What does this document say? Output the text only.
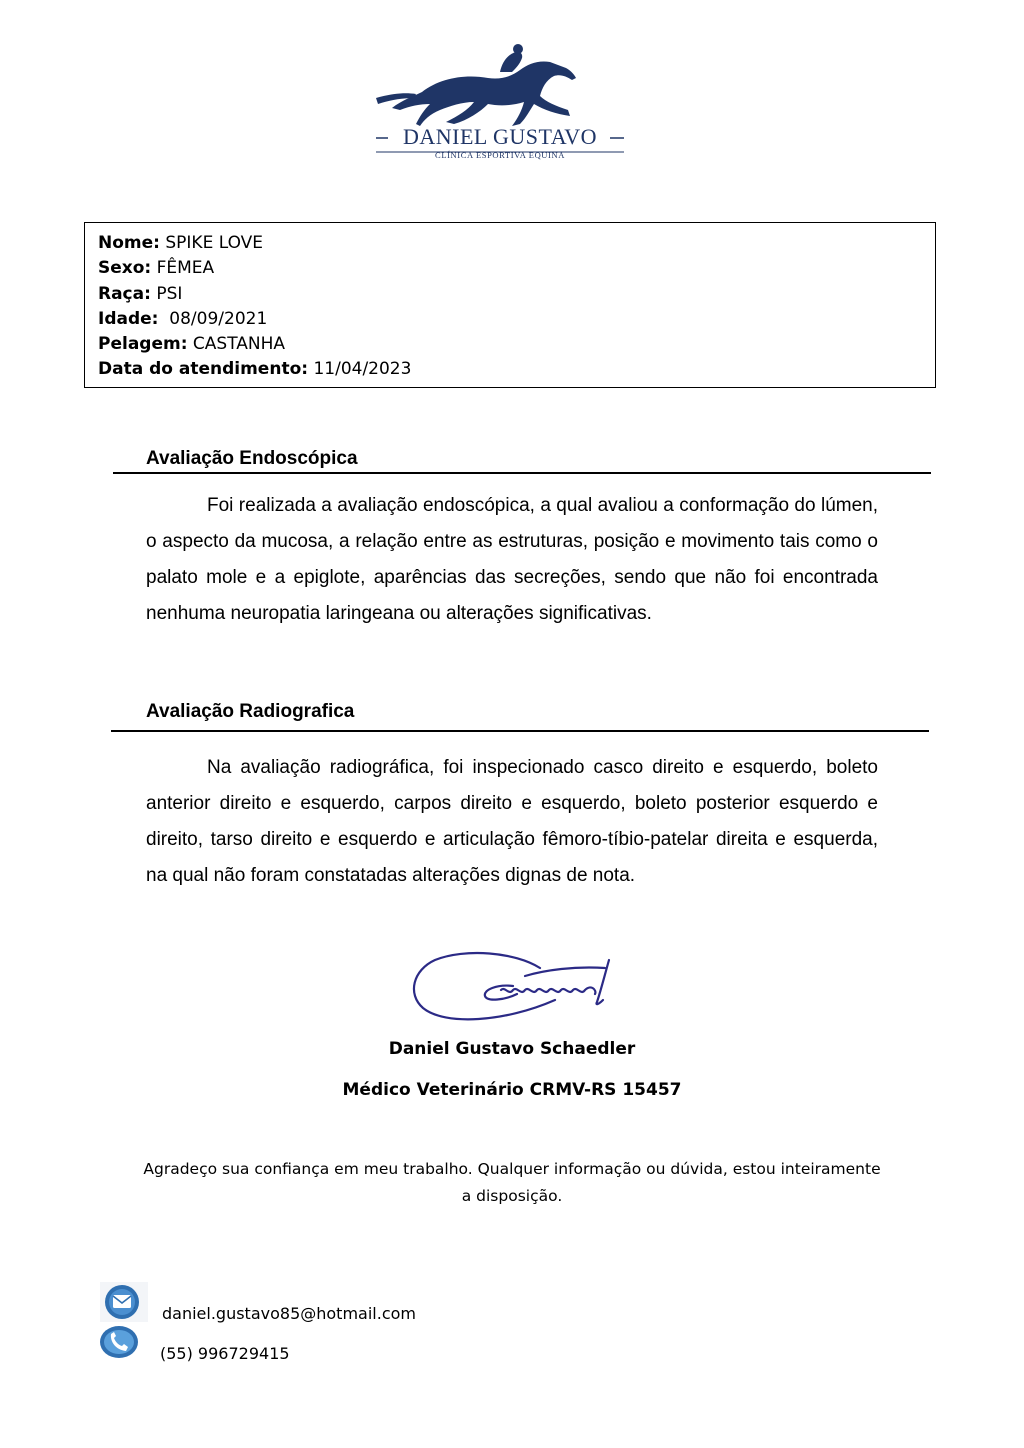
DANIEL GUSTAVO
CLÍNICA ESPORTIVA EQUINA
Nome: SPIKE LOVE
Sexo: FÊMEA
Raça: PSI
Idade:  08/09/2021
Pelagem: CASTANHA
Data do atendimento: 11/04/2023
Avaliação Endoscópica
Foi realizada a avaliação endoscópica, a qual avaliou a conformação do lúmen, o aspecto da mucosa, a relação entre as estruturas, posição e movimento tais como o palato mole e a epiglote, aparências das secreções, sendo que não foi encontrada nenhuma neuropatia laringeana ou alterações significativas.
Avaliação Radiografica
Na avaliação radiográfica, foi inspecionado casco direito e esquerdo, boleto anterior direito e esquerdo, carpos direito e esquerdo, boleto posterior esquerdo e direito, tarso direito e esquerdo e articulação fêmoro-tíbio-patelar direita e esquerda, na qual não foram constatadas alterações dignas de nota.
Daniel Gustavo Schaedler
Médico Veterinário CRMV-RS 15457
Agradeço sua confiança em meu trabalho. Qualquer informação ou dúvida, estou inteiramente
a disposição.
daniel.gustavo85@hotmail.com
(55) 996729415
